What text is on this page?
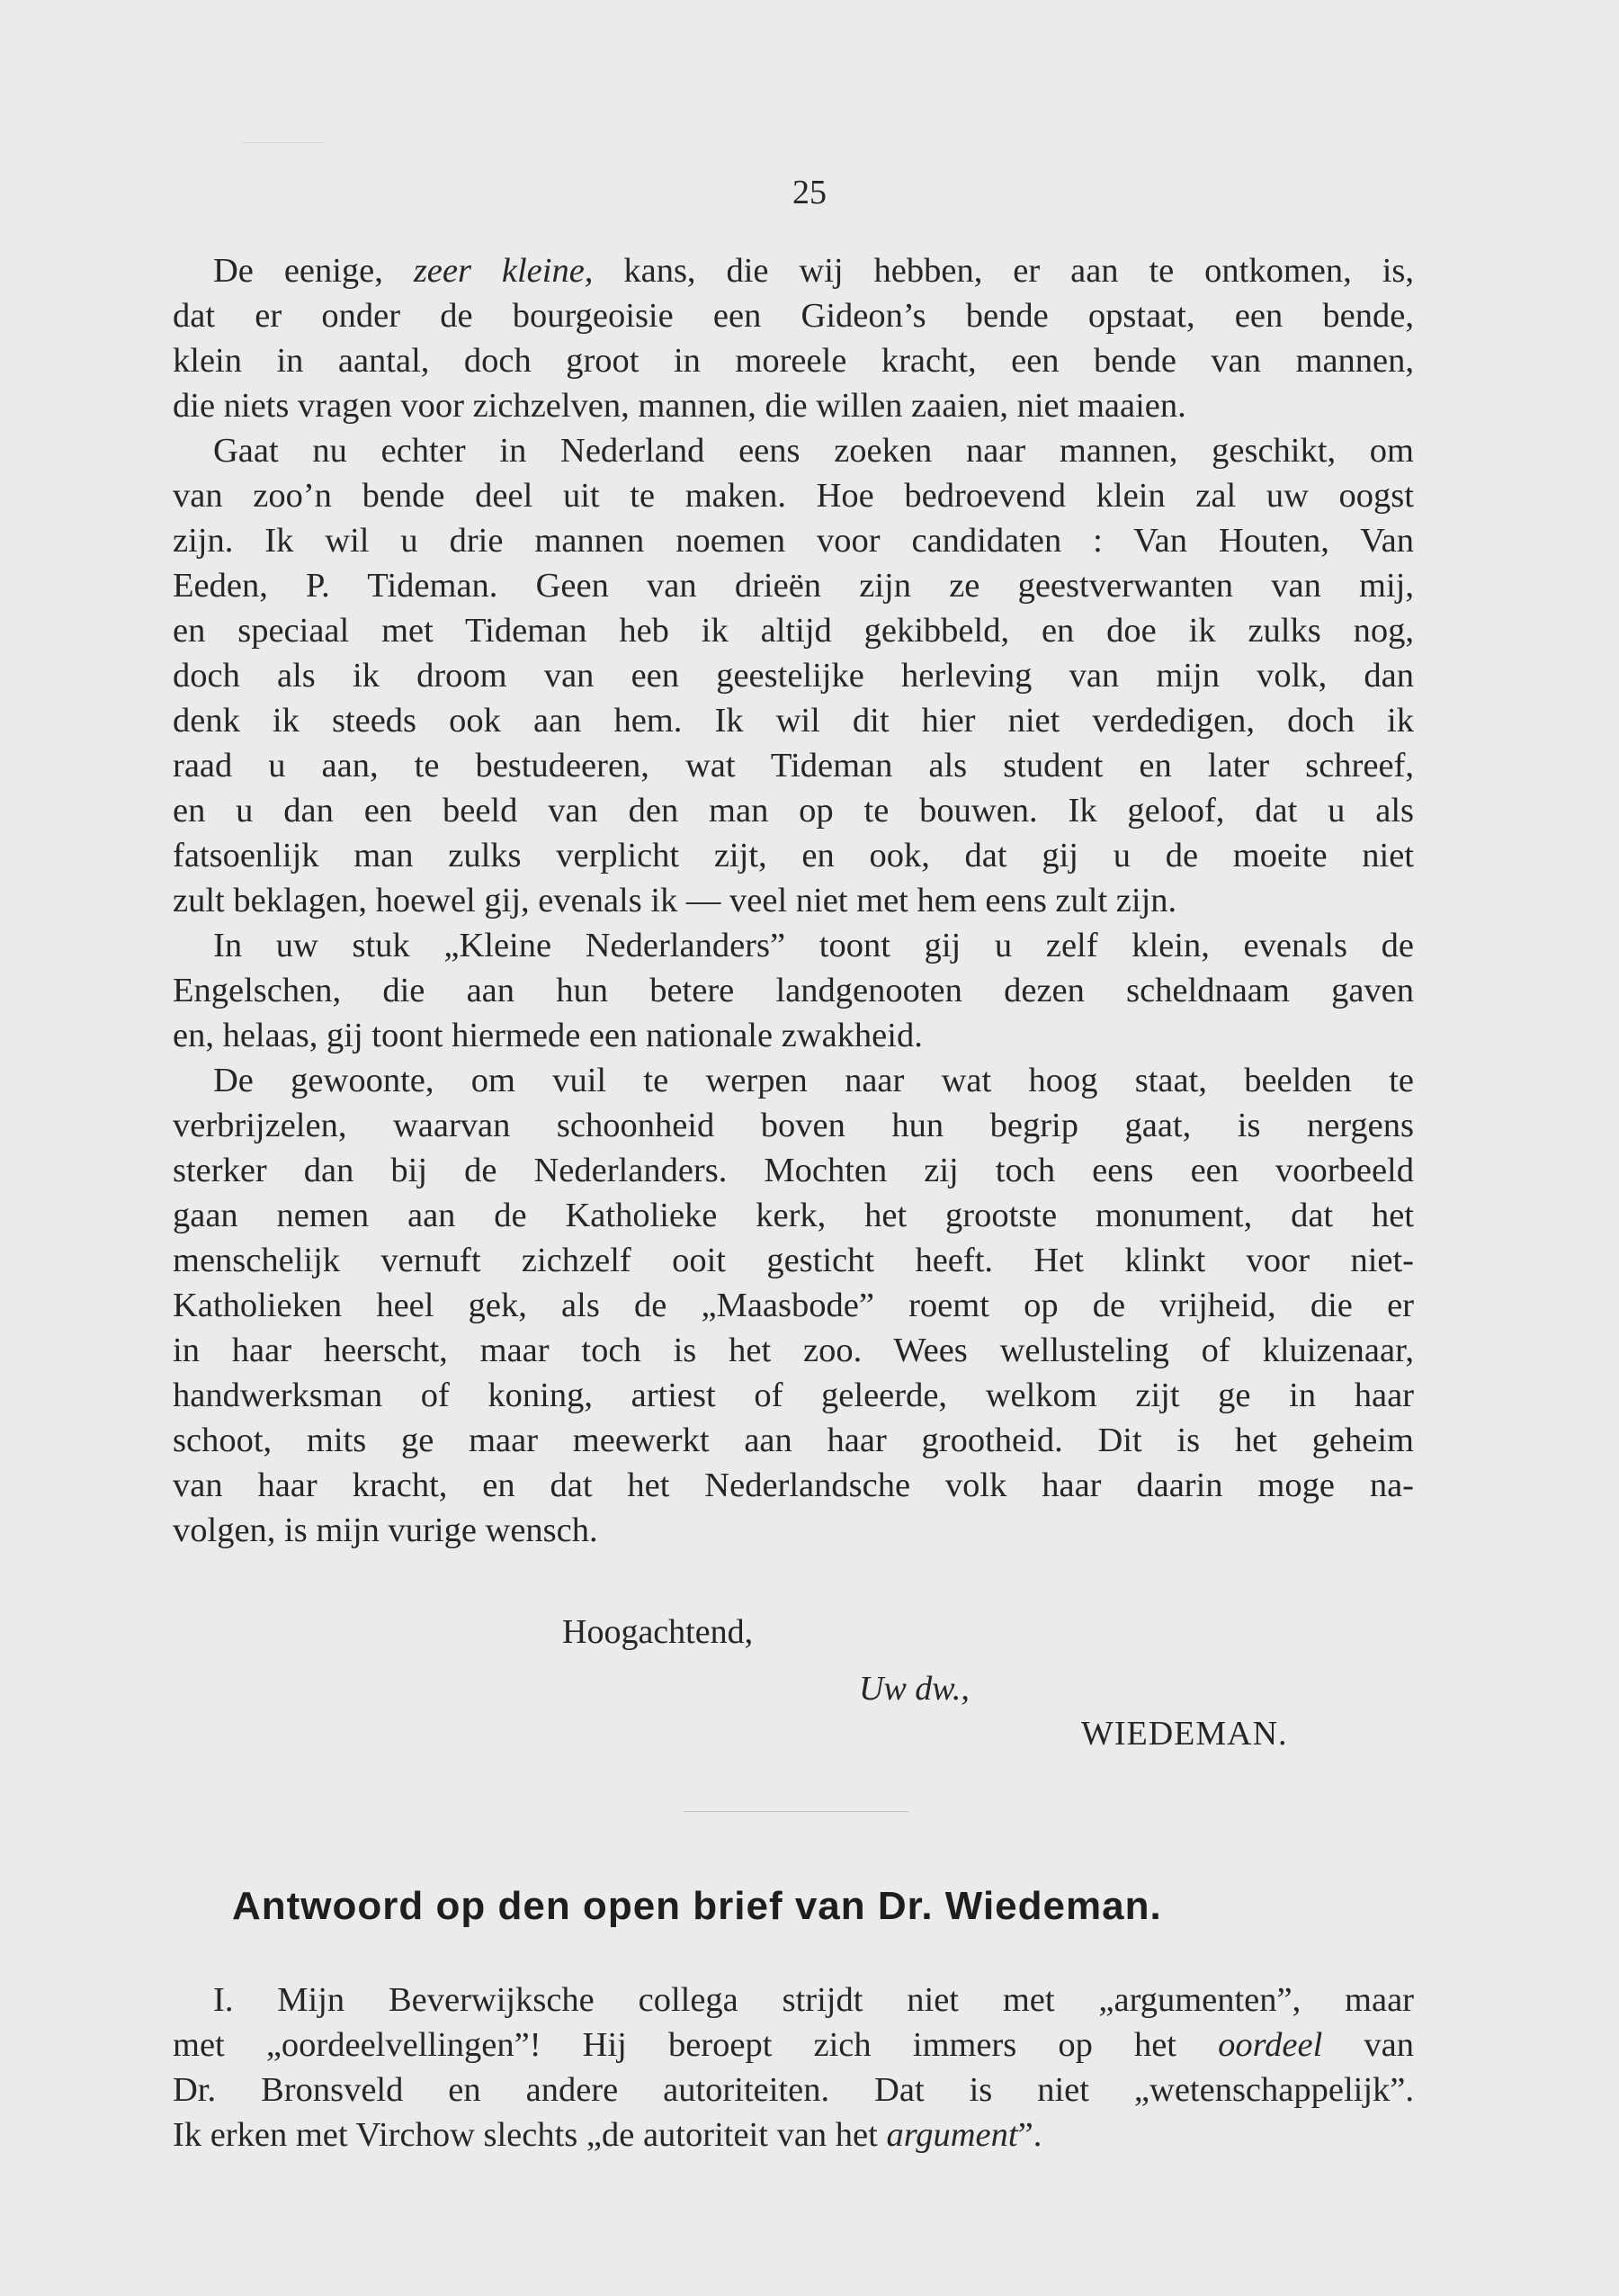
25

De eenige, zeer kleine, kans, die wij hebben, er aan te ontkomen, is,

dat er onder de bourgeoisie een Gideon’s bende opstaat, een bende,

klein in aantal, doch groot in moreele kracht, een bende van mannen,

die niets vragen voor zichzelven, mannen, die willen zaaien, niet maaien.

Gaat nu echter in Nederland eens zoeken naar mannen, geschikt, om

van zoo’n bende deel uit te maken. Hoe bedroevend klein zal uw oogst

zijn. Ik wil u drie mannen noemen voor candidaten : Van Houten, Van

Eeden, P. Tideman. Geen van drieën zijn ze geestverwanten van mij,

en speciaal met Tideman heb ik altijd gekibbeld, en doe ik zulks nog,

doch als ik droom van een geestelijke herleving van mijn volk, dan

denk ik steeds ook aan hem. Ik wil dit hier niet verdedigen, doch ik

raad u aan, te bestudeeren, wat Tideman als student en later schreef,

en u dan een beeld van den man op te bouwen. Ik geloof, dat u als

fatsoenlijk man zulks verplicht zijt, en ook, dat gij u de moeite niet

zult beklagen, hoewel gij, evenals ik — veel niet met hem eens zult zijn.

In uw stuk „Kleine Nederlanders” toont gij u zelf klein, evenals de

Engelschen, die aan hun betere landgenooten dezen scheldnaam gaven

en, helaas, gij toont hiermede een nationale zwakheid.

De gewoonte, om vuil te werpen naar wat hoog staat, beelden te

verbrijzelen, waarvan schoonheid boven hun begrip gaat, is nergens

sterker dan bij de Nederlanders. Mochten zij toch eens een voorbeeld

gaan nemen aan de Katholieke kerk, het grootste monument, dat het

menschelijk vernuft zichzelf ooit gesticht heeft. Het klinkt voor niet-

Katholieken heel gek, als de „Maasbode” roemt op de vrijheid, die er

in haar heerscht, maar toch is het zoo. Wees wellusteling of kluizenaar,

handwerksman of koning, artiest of geleerde, welkom zijt ge in haar

schoot, mits ge maar meewerkt aan haar grootheid. Dit is het geheim

van haar kracht, en dat het Nederlandsche volk haar daarin moge na-

volgen, is mijn vurige wensch.

Hoogachtend,
Uw dw.,
WIEDEMAN.
Antwoord op den open brief van Dr. Wiedeman.

I. Mijn Beverwijksche collega strijdt niet met „argumenten”, maar

met „oordeelvellingen”! Hij beroept zich immers op het oordeel van

Dr. Bronsveld en andere autoriteiten. Dat is niet „wetenschappelijk”.

Ik erken met Virchow slechts „de autoriteit van het argument”.
